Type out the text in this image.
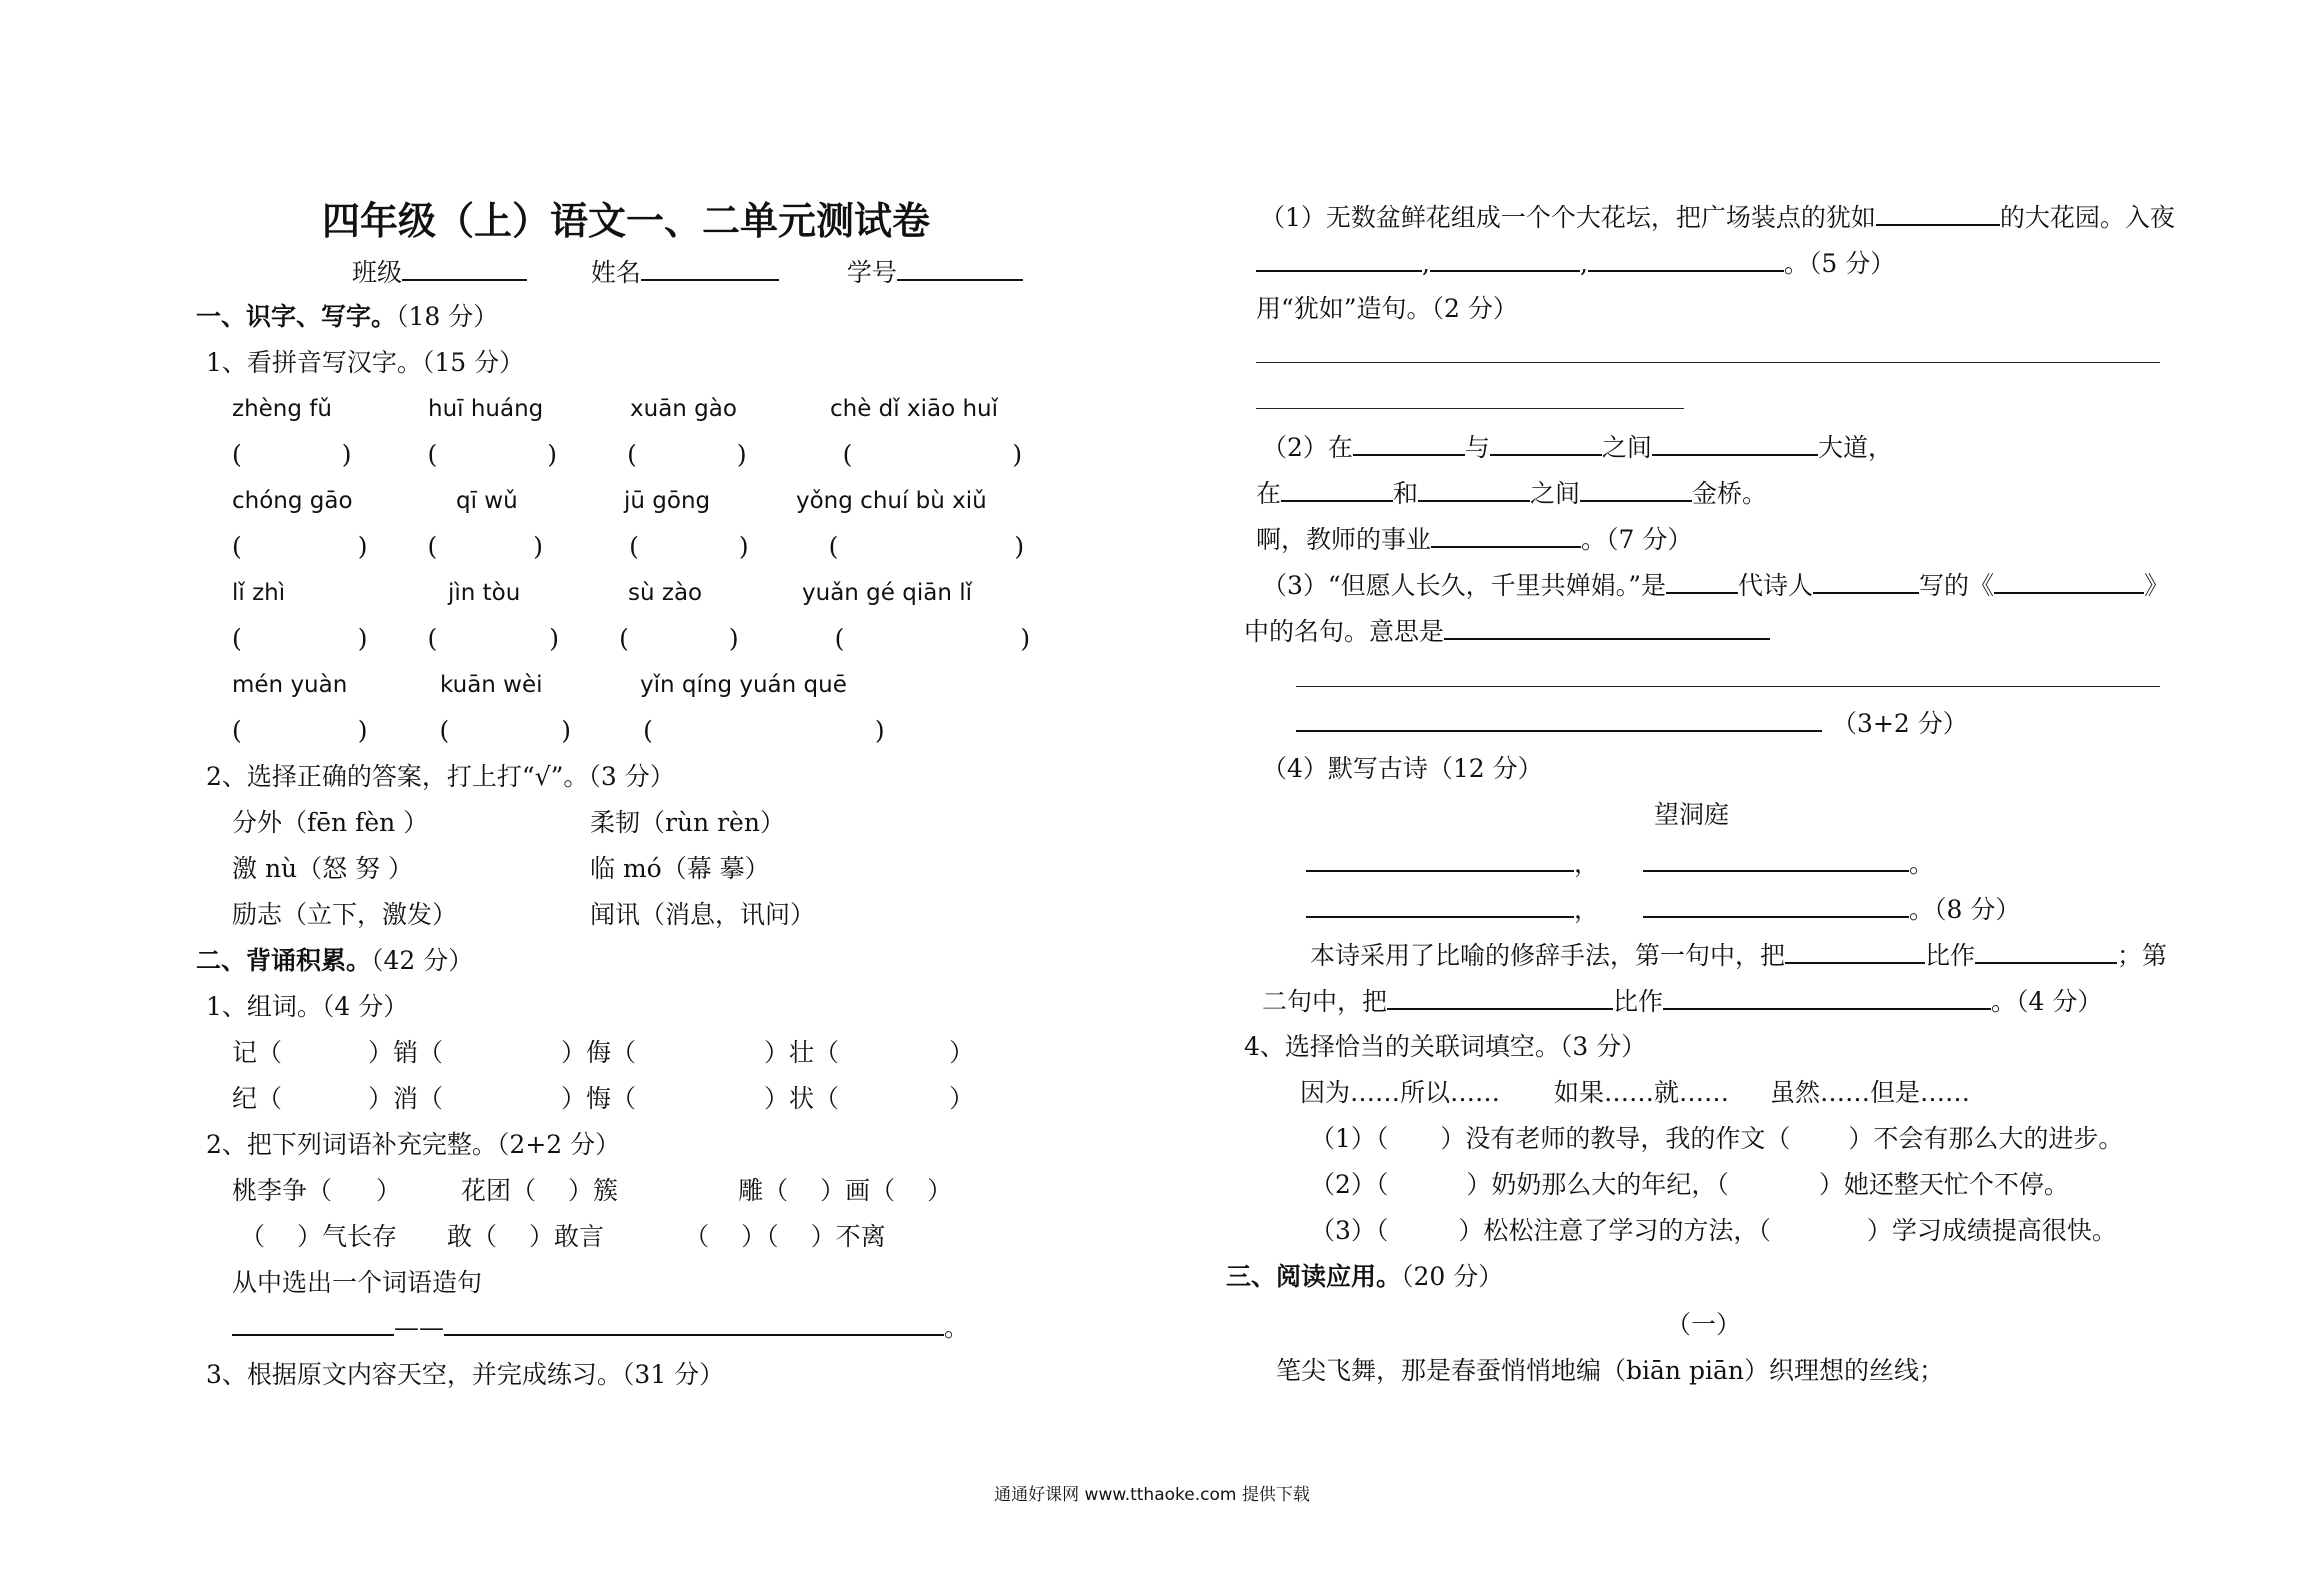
四年级（上）语文一、二单元测试卷
班级	姓名	学号
一、识字、写字。（18 分）
1、看拼音写汉字。（15 分）
zhèng fǔ	huī huáng	xuān gào	chè dǐ xiāo huǐ
(	)	(	)	(	)	(	)
chóng gāo	qī wǔ	jū gōng	yǒng chuí bù xiǔ
(	) (	)	(	)	(	)
lǐ zhì	jìn tòu	sù zào	yuǎn gé qiān lǐ
(	) (	) (	)	(	)
mén yuàn	kuān wèi	yǐn qíng yuán quē
(	)	(	)	(	)
2、选择正确的答案，打上打“√”。（3 分）
分外（fēn fèn ）	柔韧（rùn rèn）
激 nù（怒 努 ）	临 mó（幕 摹）
励志（立下，激发）	闻讯（消息，讯问）
二、背诵积累。（42 分）
1、组词。（4 分）
记（	）销（	）侮（	）壮（	）
纪（	）消（	）悔（	）状（	）
2、把下列词语补充完整。（2+2 分）
桃李争（ ） 花团（ ）簇	雕（ ）画（ ）
（ ）气长存 敢（ ）敢言	（ ）（ ）不离
从中选出一个词语造句
——	。
3、根据原文内容天空，并完成练习。（31 分）
（1）无数盆鲜花组成一个个大花坛，把广场装点的犹如	的大花园。入夜
,	,	。（5 分）
用“犹如”造句。（2 分）
（2）在	与	之间	大道，
在	和	之间	金桥。
啊，教师的事业	。（7 分）
（3）“但愿人长久，千里共婵娟。”是	代诗人	写的《	》
中的名句。意思是
（3+2 分）
（4）默写古诗（12 分）
望洞庭
，	。
，	。（8 分）
本诗采用了比喻的修辞手法，第一句中，把	比作	；第
二句中，把	比作	。（4 分）
4、选择恰当的关联词填空。（3 分）
因为……所以…… 如果……就…… 虽然……但是……
（1）（ ）没有老师的教导，我的作文（ ）不会有那么大的进步。
（2）（	）奶奶那么大的年纪，（	）她还整天忙个不停。
（3）（	）松松注意了学习的方法，（	）学习成绩提高很快。
三、阅读应用。（20 分）
（一）
笔尖飞舞，那是春蚕悄悄地编（biān piān）织理想的丝线；
通通好课网 www.tthaoke.com 提供下载
